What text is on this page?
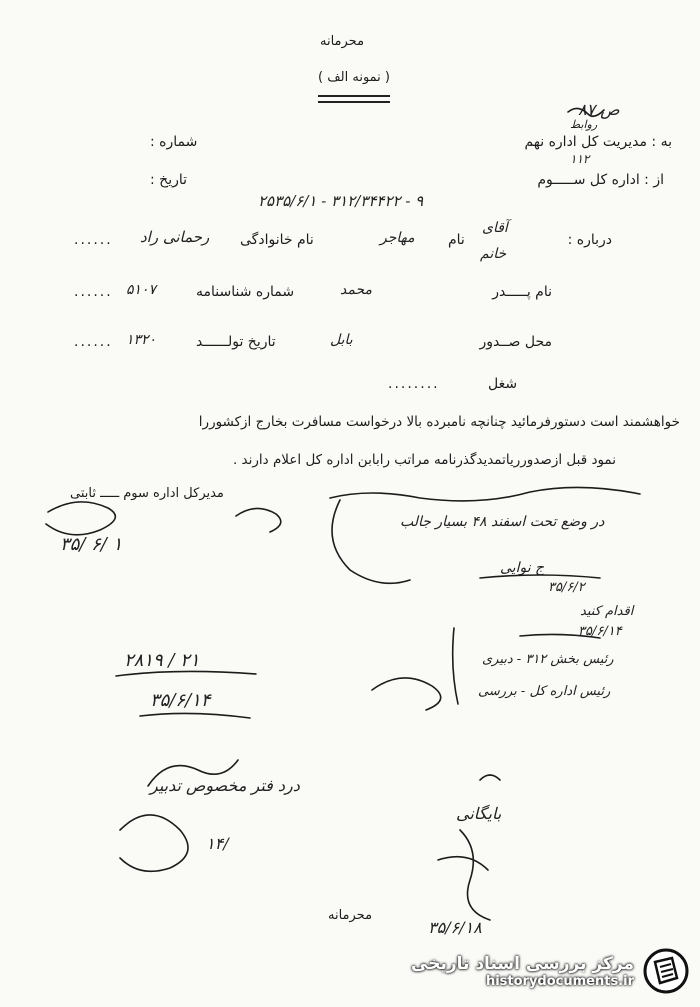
محرمانه
( نمونه الف )
ص ۸۷
روابط
به : مدیریت کل اداره نهم
شماره :
۱۱۲
از : اداره کل ســـــوم
تاریخ :
۲۵۳۵/۶/۱ - ۳۱۲/۳۴۴۲۲ - ۹
درباره :
آقای
خانم
نام
مهاجر
نام خانوادگی
رحمانی راد
......
نام پـــــدر
محمد
شماره شناسنامه
۵۱۰۷
......
محل صــدور
بابل
تاریخ تولــــــد
۱۳۲۰
......
شغل
........
خواهشمند است دستورفرمائید چنانچه نامبرده بالا درخواست مسافرت بخارج ازکشوررا
نمود قبل ازصدورریاتمدیدگذرنامه مراتب رابابن اداره کل اعلام دارند .
مدیرکل اداره سوم ـــــ ثابتی
۳۵/ ۶/ ۱
در وضع تحت اسفند ۴۸ بسیار جالب
ج نوایی
۳۵/۶/۲
اقدام کنید
۳۵/۶/۱۴
رئیس بخش ۳۱۲ - دبیری
رئیس اداره کل - بررسی
۲۸۱۹ / ۲۱
۳۵/۶/۱۴
درد فتر مخصوص تدبیر
۱۴/
بایگانی
۳۵/۶/۱۸
محرمانه
مرکز بررسی اسناد تاریخی
historydocuments.ir
